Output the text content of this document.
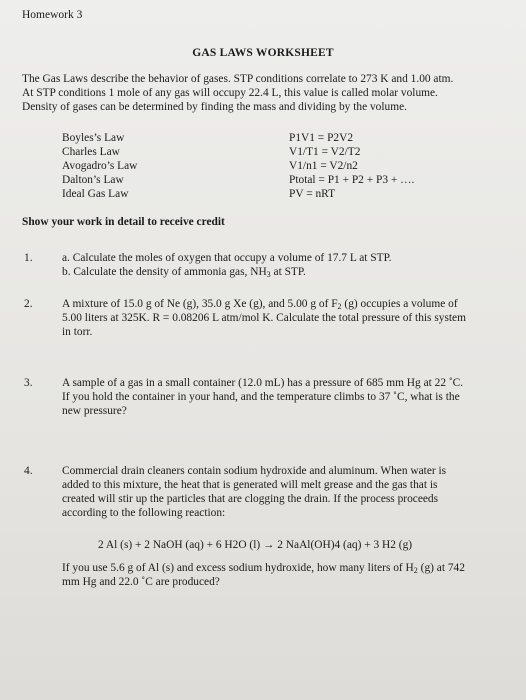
Homework 3
GAS LAWS WORKSHEET
The Gas Laws describe the behavior of gases. STP conditions correlate to 273 K and 1.00 atm.
At STP conditions 1 mole of any gas will occupy 22.4 L, this value is called molar volume.
Density of gases can be determined by finding the mass and dividing by the volume.
Boyles’s Law	P1V1 = P2V2
Charles Law	V1/T1 = V2/T2
Avogadro’s Law	V1/n1 = V2/n2
Dalton’s Law	Ptotal = P1 + P2 + P3 + ….
Ideal Gas Law	PV = nRT
Show your work in detail to receive credit
1.	a. Calculate the moles of oxygen that occupy a volume of 17.7 L at STP.
b. Calculate the density of ammonia gas, $NH_3$ at STP.
2.	A mixture of 15.0 g of Ne (g), 35.0 g Xe (g), and 5.00 g of $F_2$ (g) occupies a volume of
5.00 liters at 325K. R = 0.08206 L atm/mol K. Calculate the total pressure of this system
in torr.
3.	A sample of a gas in a small container (12.0 mL) has a pressure of 685 mm Hg at 22 ˚C.
If you hold the container in your hand, and the temperature climbs to 37 ˚C, what is the
new pressure?
4.	Commercial drain cleaners contain sodium hydroxide and aluminum. When water is
added to this mixture, the heat that is generated will melt grease and the gas that is
created will stir up the particles that are clogging the drain. If the process proceeds
according to the following reaction:
2 Al (s) + 2 NaOH (aq) + 6 H2O (l) → 2 NaAl(OH)4 (aq) + 3 H2 (g)
If you use 5.6 g of Al (s) and excess sodium hydroxide, how many liters of $H_2$ (g) at 742
mm Hg and 22.0 ˚C are produced?
